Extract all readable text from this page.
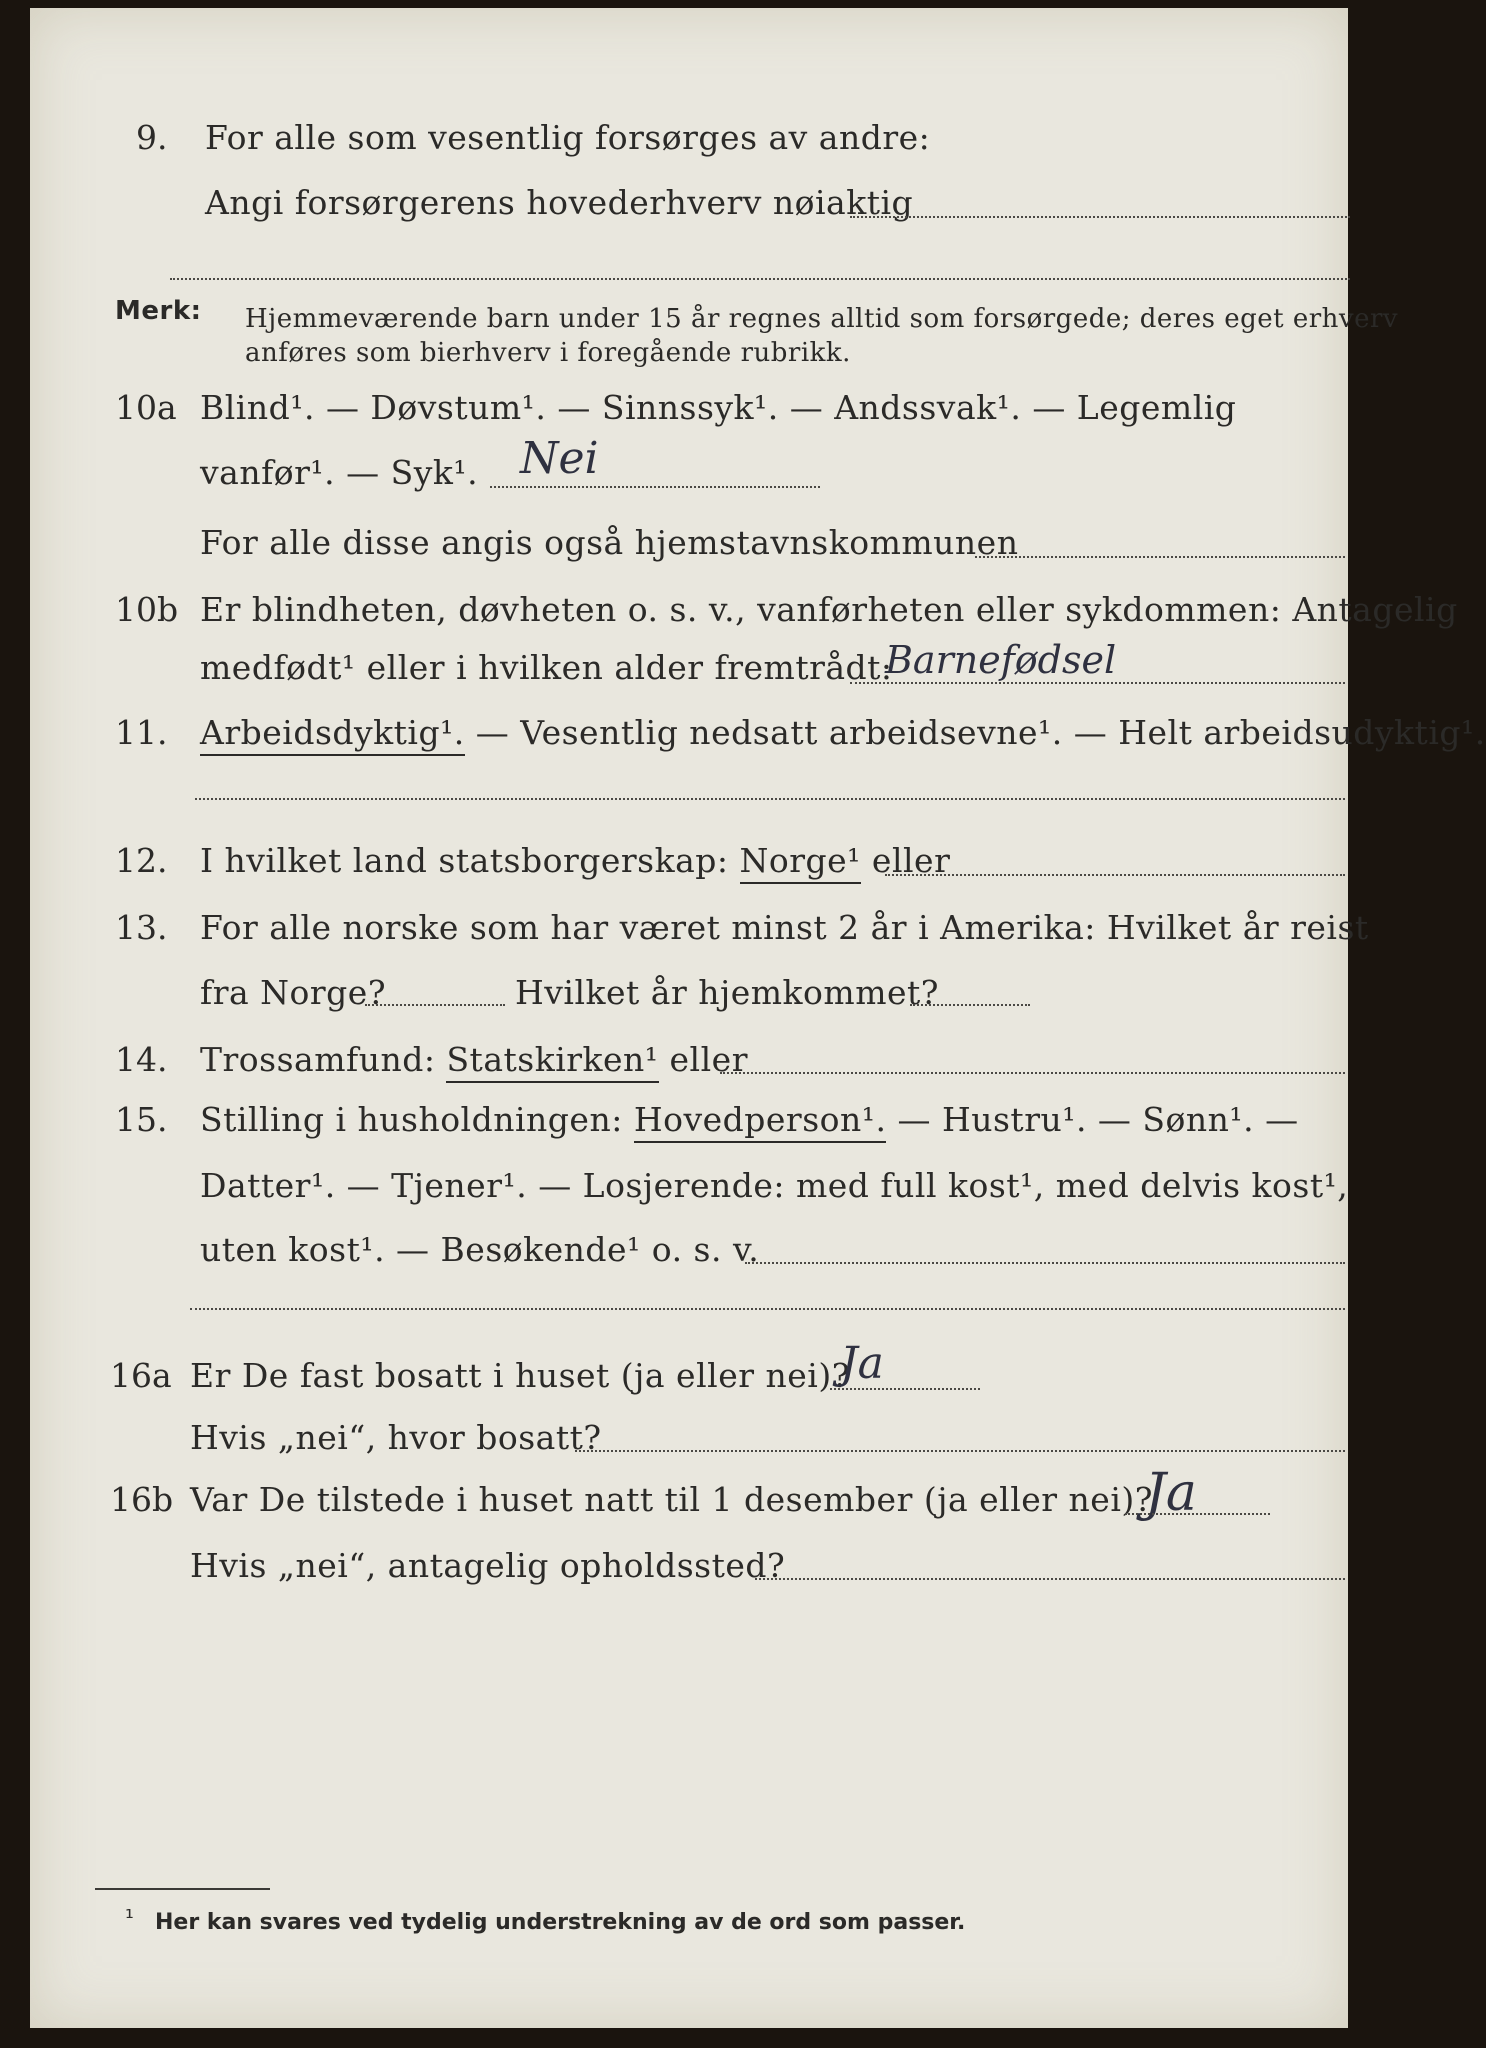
9. For alle som vesentlig forsørges av andre:
Angi forsørgerens hovederhverv nøiaktig
Merk: Hjemmeværende barn under 15 år regnes alltid som forsørgede; deres eget erhverv
anføres som bierhverv i foregående rubrikk.
10a Blind¹. — Døvstum¹. — Sinnssyk¹. — Andssvak¹. — Legemlig
vanfør¹. — Syk¹. Nei
For alle disse angis også hjemstavnskommunen
10b Er blindheten, døvheten o. s. v., vanførheten eller sykdommen: Antagelig
medfødt¹ eller i hvilken alder fremtrådt:
Barnefødsel
11. Arbeidsdyktig¹. — Vesentlig nedsatt arbeidsevne¹. — Helt arbeidsudyktig¹.
12. I hvilket land statsborgerskap: Norge¹ eller
13. For alle norske som har været minst 2 år i Amerika: Hvilket år reist
fra Norge?	Hvilket år hjemkommet?
14. Trossamfund: Statskirken¹ eller
15. Stilling i husholdningen: Hovedperson¹. — Hustru¹. — Sønn¹. —
Datter¹. — Tjener¹. — Losjerende: med full kost¹, med delvis kost¹,
uten kost¹. — Besøkende¹ o. s. v.
16a Er De fast bosatt i huset (ja eller nei)?
Ja
Hvis „nei“, hvor bosatt?
16b Var De tilstede i huset natt til 1 desember (ja eller nei)?
Ja
Hvis „nei“, antagelig opholdssted?
¹ Her kan svares ved tydelig understrekning av de ord som passer.
